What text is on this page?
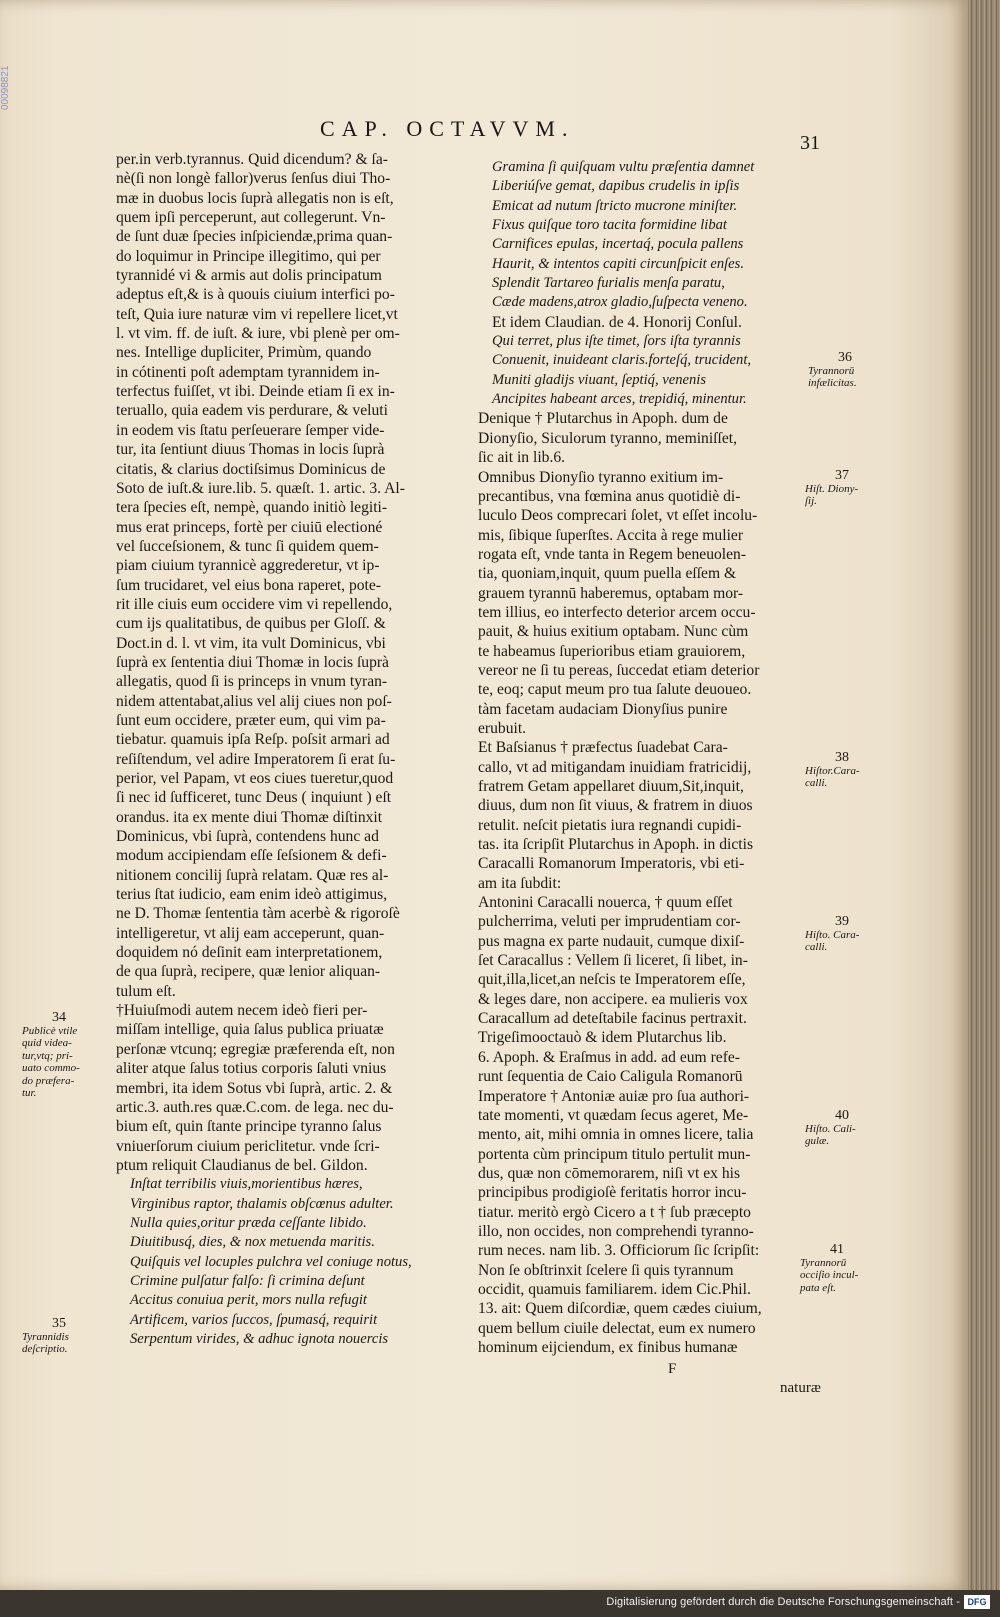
00098821
CAP. OCTAVVM.
31
per.in verb.tyrannus. Quid dicendum? & ſa-
nè(ſi non longè fallor)verus ſenſus diui Tho-
mæ in duobus locis ſuprà allegatis non is eſt,
quem ipſi perceperunt, aut collegerunt. Vn-
de ſunt duæ ſpecies inſpiciendæ,prima quan-
do loquimur in Principe illegitimo, qui per
tyrannidé vi & armis aut dolis principatum
adeptus eſt,& is à quouis ciuium interfici po-
teſt, Quia iure naturæ vim vi repellere licet,vt
l. vt vim. ff. de iuſt. & iure, vbi plenè per om-
nes. Intellige dupliciter, Primùm, quando
in cótinenti poſt ademptam tyrannidem in-
terfectus fuiſſet, vt ibi. Deinde etiam ſi ex in-
teruallo, quia eadem vis perdurare, & veluti
in eodem vis ſtatu perſeuerare ſemper vide-
tur, ita ſentiunt diuus Thomas in locis ſuprà
citatis, & clarius doctiſsimus Dominicus de
Soto de iuſt.& iure.lib. 5. quæſt. 1. artic. 3. Al-
tera ſpecies eſt, nempè, quando initiò legiti-
mus erat princeps, fortè per ciuiū electioné
vel ſucceſsionem, & tunc ſi quidem quem-
piam ciuium tyrannicè aggrederetur, vt ip-
ſum trucidaret, vel eius bona raperet, pote-
rit ille ciuis eum occidere vim vi repellendo,
cum ijs qualitatibus, de quibus per Gloſſ. &
Doct.in d. l. vt vim, ita vult Dominicus, vbi
ſuprà ex ſententia diui Thomæ in locis ſuprà
allegatis, quod ſi is princeps in vnum tyran-
nidem attentabat,alius vel alij ciues non poſ-
ſunt eum occidere, præter eum, qui vim pa-
tiebatur. quamuis ipſa Reſp. poſsit armari ad
reſiſtendum, vel adire Imperatorem ſi erat ſu-
perior, vel Papam, vt eos ciues tueretur,quod
ſi nec id ſufficeret, tunc Deus ( inquiunt ) eſt
orandus. ita ex mente diui Thomæ diſtinxit
Dominicus, vbi ſuprà, contendens hunc ad
modum accipiendam eſſe ſeſsionem & defi-
nitionem concilij ſuprà relatam. Quæ res al-
terius ſtat iudicio, eam enim ideò attigimus,
ne D. Thomæ ſententia tàm acerbè & rigoroſè
intelligeretur, vt alij eam acceperunt, quan-
doquidem nó deſinit eam interpretationem,
de qua ſuprà, recipere, quæ lenior aliquan-
tulum eſt.
†Huiuſmodi autem necem ideò fieri per-
miſſam intellige, quia ſalus publica priuatæ
perſonæ vtcunq; egregiæ præferenda eſt, non
aliter atque ſalus totius corporis ſaluti vnius
membri, ita idem Sotus vbi ſuprà, artic. 2. &
artic.3. auth.res quæ.C.com. de lega. nec du-
bium eſt, quin ſtante principe tyranno ſalus
vniuerſorum ciuium periclitetur. vnde ſcri-
ptum reliquit Claudianus de bel. Gildon.
Inſtat terribilis viuis,morientibus hæres,
Virginibus raptor, thalamis obſcœnus adulter.
Nulla quies,oritur præda ceſſante libido.
Diuitibusq́, dies, & nox metuenda maritis.
Quiſquis vel locuples pulchra vel coniuge notus,
Crimine pulſatur falſo: ſi crimina deſunt
Accitus conuiua perit, mors nulla refugit
Artificem, varios ſuccos, ſpumasq́, requirit
Serpentum virides, & adhuc ignota nouercis
Gramina ſi quiſquam vultu præſentia damnet
Liberiúſve gemat, dapibus crudelis in ipſis
Emicat ad nutum ſtricto mucrone miniſter.
Fixus quiſque toro tacita formidine libat
Carnifices epulas, incertaq́, pocula pallens
Haurit, & intentos capiti circunſpicit enſes.
Splendit Tartareo furialis menſa paratu,
Cæde madens,atrox gladio,ſuſpecta veneno.
Et idem Claudian. de 4. Honorij Conſul.
Qui terret, plus iſte timet, ſors iſta tyrannis
Conuenit, inuideant claris.forteſq́, trucident,
Muniti gladijs viuant, ſeptiq́, venenis
Ancipites habeant arces, trepidiq́, minentur.
Denique † Plutarchus in Apoph. dum de
Dionyſio, Siculorum tyranno, meminiſſet,
ſic ait in lib.6.
Omnibus Dionyſio tyranno exitium im-
precantibus, vna fœmina anus quotidiè di-
luculo Deos comprecari ſolet, vt eſſet incolu-
mis, ſibique ſuperſtes. Accita à rege mulier
rogata eſt, vnde tanta in Regem beneuolen-
tia, quoniam,inquit, quum puella eſſem &
grauem tyrannū haberemus, optabam mor-
tem illius, eo interfecto deterior arcem occu-
pauit, & huius exitium optabam. Nunc cùm
te habeamus ſuperioribus etiam grauiorem,
vereor ne ſi tu pereas, ſuccedat etiam deterior
te, eoq; caput meum pro tua ſalute deuoueo.
tàm facetam audaciam Dionyſius punire
erubuit.
Et Baſsianus † præfectus ſuadebat Cara-
callo, vt ad mitigandam inuidiam fratricidij,
fratrem Getam appellaret diuum,Sit,inquit,
diuus, dum non ſit viuus, & fratrem in diuos
retulit. neſcit pietatis iura regnandi cupidi-
tas. ita ſcripſit Plutarchus in Apoph. in dictis
Caracalli Romanorum Imperatoris, vbi eti-
am ita ſubdit:
Antonini Caracalli nouerca, † quum eſſet
pulcherrima, veluti per imprudentiam cor-
pus magna ex parte nudauit, cumque dixiſ-
ſet Caracallus : Vellem ſi liceret, ſi libet, in-
quit,illa,licet,an neſcis te Imperatorem eſſe,
& leges dare, non accipere. ea mulieris vox
Caracallum ad deteſtabile facinus pertraxit.
Trigeſimooctauò & idem Plutarchus lib.
6. Apoph. & Eraſmus in add. ad eum refe-
runt ſequentia de Caio Caligula Romanorū
Imperatore † Antoniæ auiæ pro ſua authori-
tate momenti, vt quædam ſecus ageret, Me-
mento, ait, mihi omnia in omnes licere, talia
portenta cùm principum titulo pertulit mun-
dus, quæ non cōmemorarem, niſi vt ex his
principibus prodigioſè feritatis horror incu-
tiatur. meritò ergò Cicero a t † ſub præcepto
illo, non occides, non comprehendi tyranno-
rum neces. nam lib. 3. Officiorum ſic ſcripſit:
Non ſe obſtrinxit ſcelere ſi quis tyrannum
occidit, quamuis familiarem. idem Cic.Phil.
13. ait: Quem diſcordiæ, quem cædes ciuium,
quem bellum ciuile delectat, eum ex numero
hominum eijciendum, ex finibus humanæ
F
naturæ
34
Publicè vtile
quid videa-
tur,vtq; pri-
uato commo-
do præfera-
tur.
35
Tyrannidis
deſcriptio.
36
Tyrannorū
infælicitas.
37
Hiſt. Diony-
ſij.
38
Hiſtor.Cara-
calli.
39
Hiſto. Cara-
calli.
40
Hiſto. Cali-
gulæ.
41
Tyrannorū
occiſio incul-
pata eſt.
Digitalisierung gefördert durch die Deutsche Forschungsgemeinschaft - DFG
